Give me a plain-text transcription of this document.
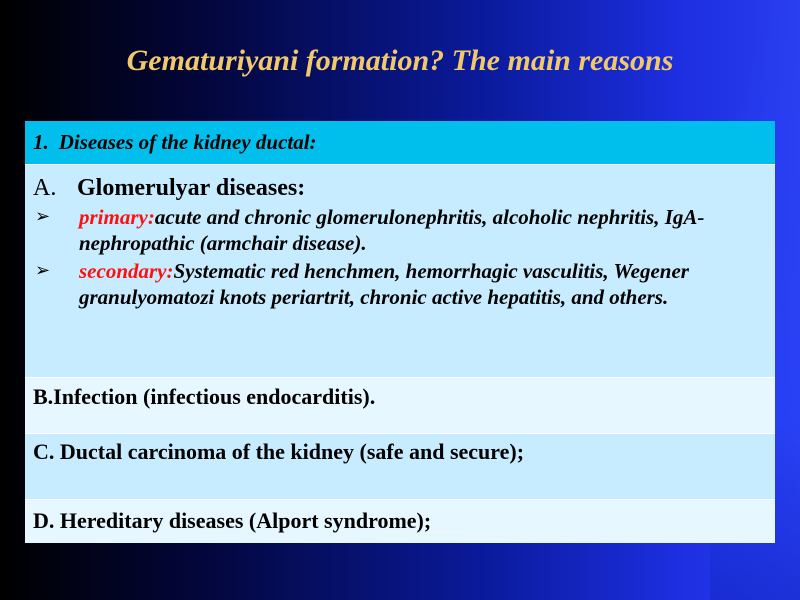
Gematuriyani formation? The main reasons
1. Diseases of the kidney ductal:
A. Glomerulyar diseases:
➢	primary:acute and chronic glomerulonephritis, alcoholic nephritis, IgA-nephropathic (armchair disease).
➢	secondary:Systematic red henchmen, hemorrhagic vasculitis, Wegener granulyomatozi knots periartrit, chronic active hepatitis, and others.
B.Infection (infectious endocarditis).
C. Ductal carcinoma of the kidney (safe and secure);
D. Hereditary diseases (Alport syndrome);
